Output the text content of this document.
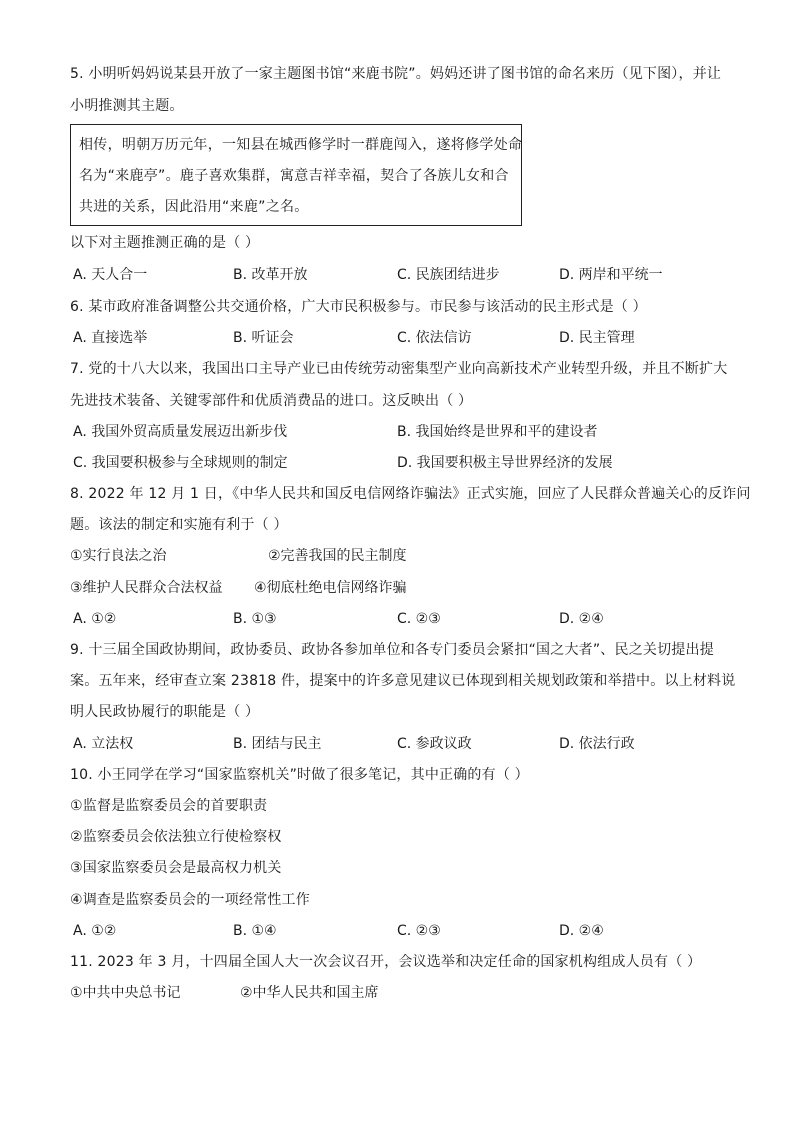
5. 小明听妈妈说某县开放了一家主题图书馆“来鹿书院”。妈妈还讲了图书馆的命名来历（见下图），并让
小明推测其主题。
相传，明朝万历元年，一知县在城西修学时一群鹿闯入，遂将修学处命
名为“来鹿亭”。鹿子喜欢集群，寓意吉祥幸福，契合了各族儿女和合
共进的关系，因此沿用“来鹿”之名。
以下对主题推测正确的是（ ）
A. 天人合一	B. 改革开放	C. 民族团结进步	D. 两岸和平统一
6. 某市政府准备调整公共交通价格，广大市民积极参与。市民参与该活动的民主形式是（ ）
A. 直接选举	B. 听证会	C. 依法信访	D. 民主管理
7. 党的十八大以来，我国出口主导产业已由传统劳动密集型产业向高新技术产业转型升级，并且不断扩大
先进技术装备、关键零部件和优质消费品的进口。这反映出（ ）
A. 我国外贸高质量发展迈出新步伐	B. 我国始终是世界和平的建设者
C. 我国要积极参与全球规则的制定	D. 我国要积极主导世界经济的发展
8. 2022 年 12 月 1 日，《中华人民共和国反电信网络诈骗法》正式实施，回应了人民群众普遍关心的反诈问
题。该法的制定和实施有利于（ ）
①实行良法之治	②完善我国的民主制度
③维护人民群众合法权益 ④彻底杜绝电信网络诈骗
A. ①②	B. ①③	C. ②③	D. ②④
9. 十三届全国政协期间，政协委员、政协各参加单位和各专门委员会紧扣“国之大者”、民之关切提出提
案。五年来，经审查立案 23818 件，提案中的许多意见建议已体现到相关规划政策和举措中。以上材料说
明人民政协履行的职能是（ ）
A. 立法权	B. 团结与民主	C. 参政议政	D. 依法行政
10. 小王同学在学习“国家监察机关”时做了很多笔记，其中正确的有（ ）
①监督是监察委员会的首要职责
②监察委员会依法独立行使检察权
③国家监察委员会是最高权力机关
④调查是监察委员会的一项经常性工作
A. ①②	B. ①④	C. ②③	D. ②④
11. 2023 年 3 月，十四届全国人大一次会议召开，会议选举和决定任命的国家机构组成人员有（ ）
①中共中央总书记	②中华人民共和国主席
